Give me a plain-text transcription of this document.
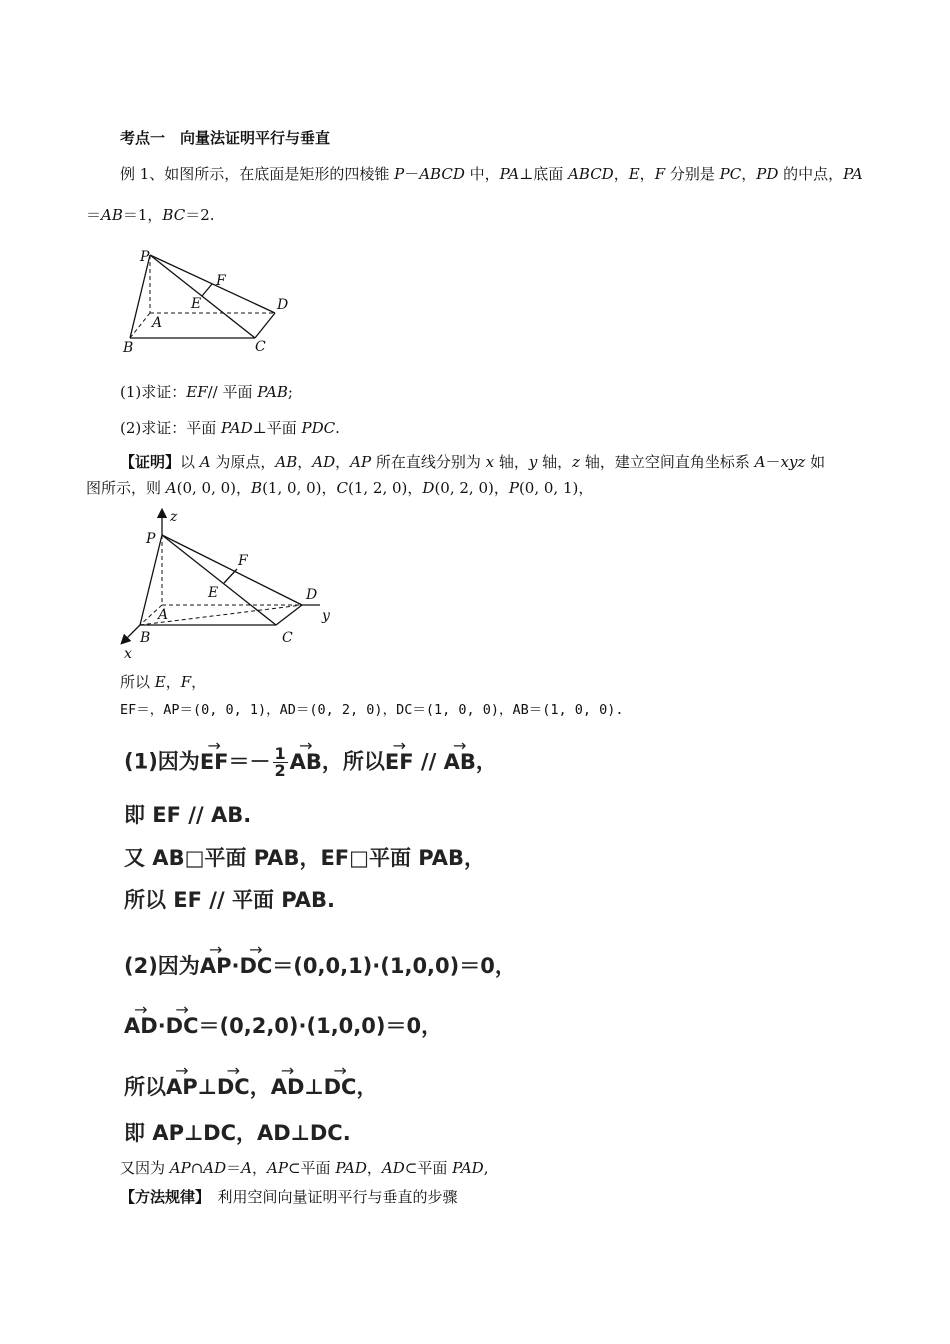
考点一　向量法证明平行与垂直
例 1、如图所示，在底面是矩形的四棱锥 P－ABCD 中，PA⊥底面 ABCD，E，F 分别是 PC，PD 的中点，PA
＝AB＝1，BC＝2.
P
F
E	D
A
B	C
(1)求证：EF// 平面 PAB;
(2)求证：平面 PAD⊥平面 PDC.
【证明】以 A 为原点，AB，AD，AP 所在直线分别为 x 轴，y 轴，z 轴，建立空间直角坐标系 A－xyz 如
图所示，则 A(0, 0, 0)，B(1, 0, 0)，C(1, 2, 0)，D(0, 2, 0)，P(0, 0, 1)，
z
P
F
E	D
y
A
B	C
x
所以 E，F，
EF＝，AP＝(0, 0, 1)，AD＝(0, 2, 0)，DC＝(1, 0, 0)，AB＝(1, 0, 0).
(1)因为→ $EF=- \frac{1}{2}$
→ AB，所以→ EF // → AB，
即 EF // AB.
又 AB□平面 PAB，EF□平面 PAB，
所以 EF // 平面 PAB.
(2)因为→ AP·→ DC＝(0,0,1)·(1,0,0)＝0，
→ AD·→ DC＝(0,2,0)·(1,0,0)＝0，
所以→ AP⊥→ DC，→ AD⊥→ DC，
即 AP⊥DC，AD⊥DC.
又因为 AP∩AD＝A，AP⊂平面 PAD，AD⊂平面 PAD,
【方法规律】　利用空间向量证明平行与垂直的步骤
